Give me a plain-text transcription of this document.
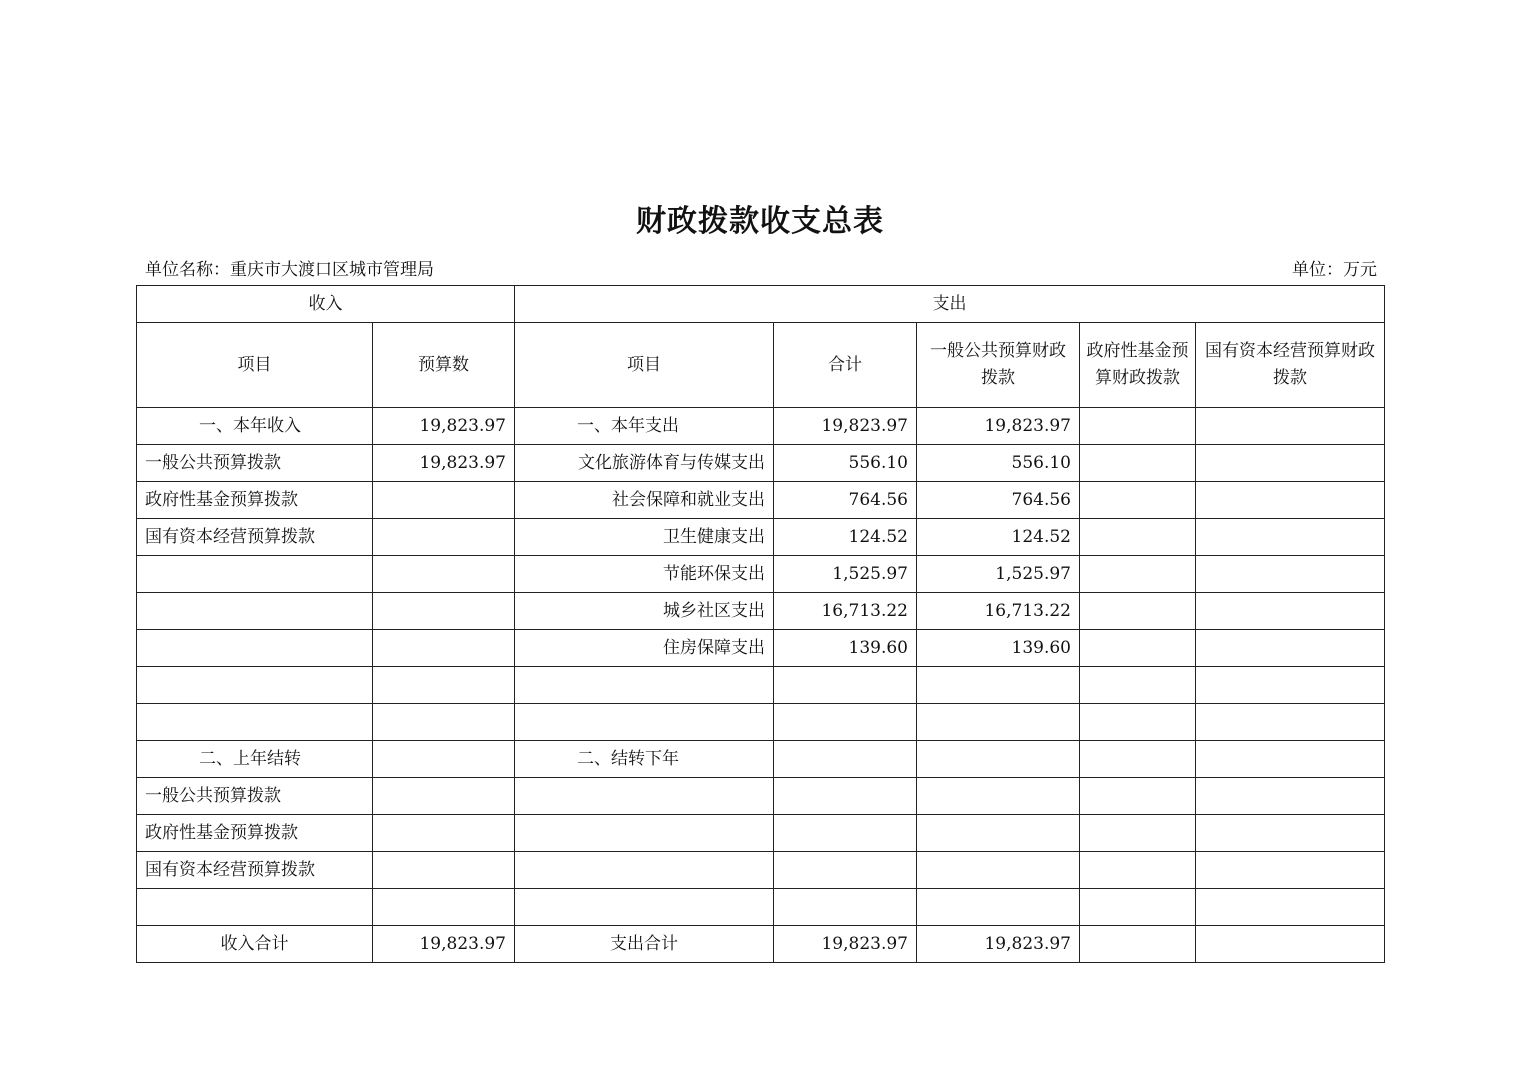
财政拨款收支总表
单位名称：重庆市大渡口区城市管理局	单位：万元
收入		支出				
项目	预算数	项目	合计	一般公共预算财政拨款	政府性基金预算财政拨款	国有资本经营预算财政拨款
一、本年收入	19,823.97	一、本年支出	19,823.97	19,823.97		
一般公共预算拨款	19,823.97	文化旅游体育与传媒支出	556.10	556.10		
政府性基金预算拨款		社会保障和就业支出	764.56	764.56		
国有资本经营预算拨款		卫生健康支出	124.52	124.52		
		节能环保支出	1,525.97	1,525.97		
		城乡社区支出	16,713.22	16,713.22		
		住房保障支出	139.60	139.60		

二、上年结转		二、结转下年				
一般公共预算拨款						
政府性基金预算拨款						
国有资本经营预算拨款						

收入合计	19,823.97	支出合计	19,823.97	19,823.97		
